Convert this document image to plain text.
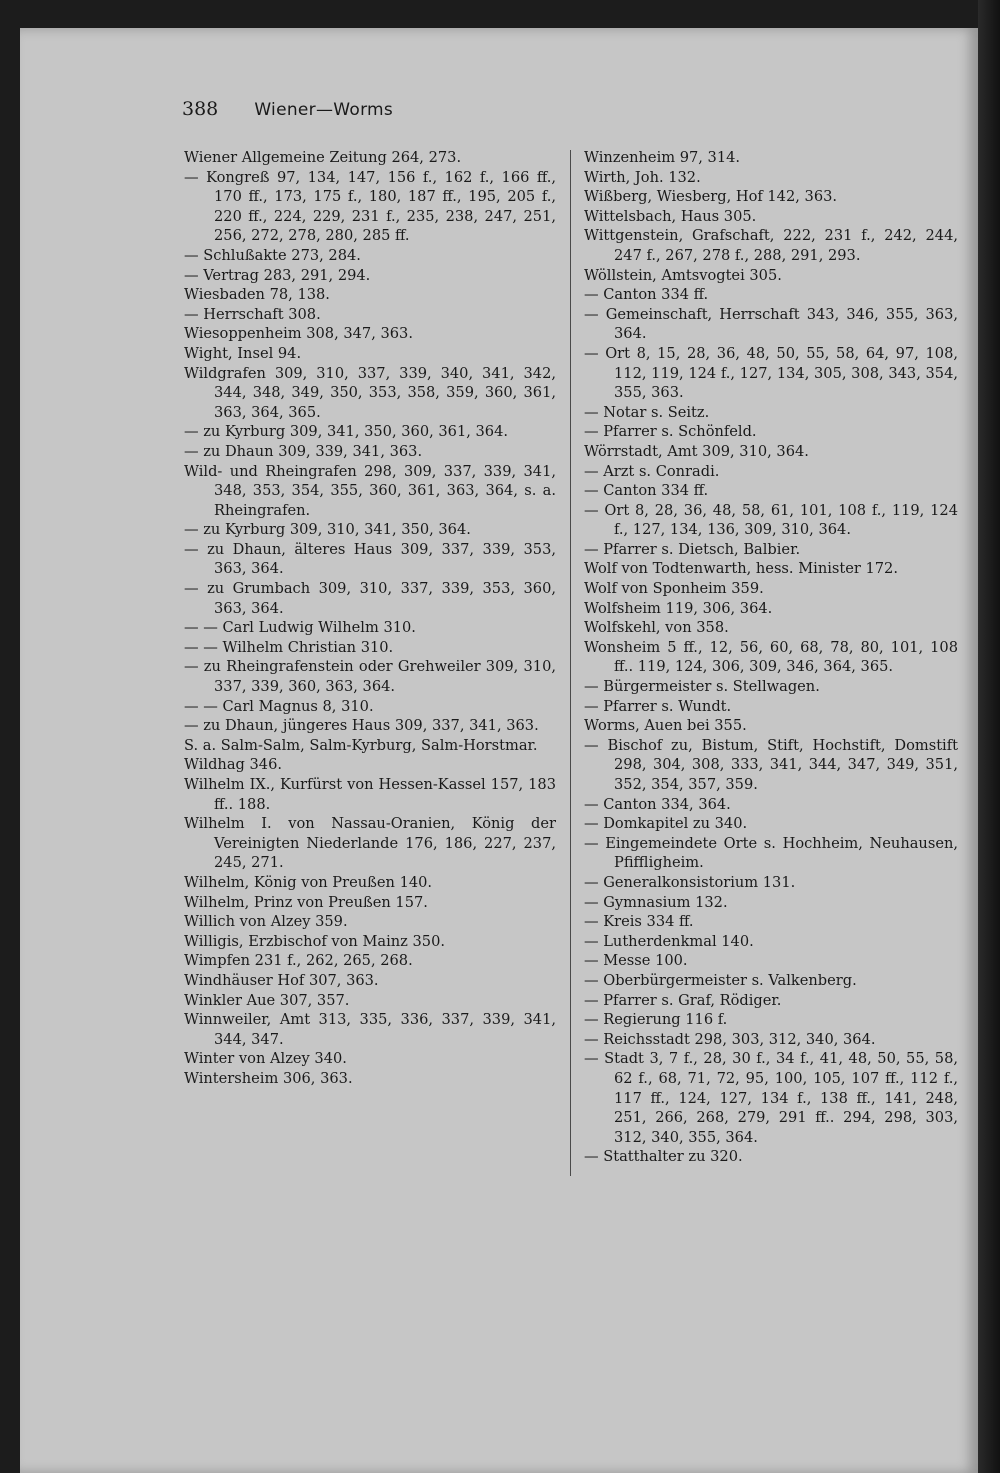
388 Wiener—Worms
Wiener Allgemeine Zeitung 264, 273.
— Kongreß 97, 134, 147, 156 f., 162 f., 166 ff., 170 ff., 173, 175 f., 180, 187 ff., 195, 205 f., 220 ff., 224, 229, 231 f., 235, 238, 247, 251, 256, 272, 278, 280, 285 ff.
— Schlußakte 273, 284.
— Vertrag 283, 291, 294.
Wiesbaden 78, 138.
— Herrschaft 308.
Wiesoppenheim 308, 347, 363.
Wight, Insel 94.
Wildgrafen 309, 310, 337, 339, 340, 341, 342, 344, 348, 349, 350, 353, 358, 359, 360, 361, 363, 364, 365.
— zu Kyrburg 309, 341, 350, 360, 361, 364.
— zu Dhaun 309, 339, 341, 363.
Wild- und Rheingrafen 298, 309, 337, 339, 341, 348, 353, 354, 355, 360, 361, 363, 364, s. a. Rheingrafen.
— zu Kyrburg 309, 310, 341, 350, 364.
— zu Dhaun, älteres Haus 309, 337, 339, 353, 363, 364.
— zu Grumbach 309, 310, 337, 339, 353, 360, 363, 364.
— — Carl Ludwig Wilhelm 310.
— — Wilhelm Christian 310.
— zu Rheingrafenstein oder Grehweiler 309, 310, 337, 339, 360, 363, 364.
— — Carl Magnus 8, 310.
— zu Dhaun, jüngeres Haus 309, 337, 341, 363.
S. a. Salm-Salm, Salm-Kyrburg, Salm-Horstmar.
Wildhag 346.
Wilhelm IX., Kurfürst von Hessen-Kassel 157, 183 ff.. 188.
Wilhelm I. von Nassau-Oranien, König der Vereinigten Niederlande 176, 186, 227, 237, 245, 271.
Wilhelm, König von Preußen 140.
Wilhelm, Prinz von Preußen 157.
Willich von Alzey 359.
Willigis, Erzbischof von Mainz 350.
Wimpfen 231 f., 262, 265, 268.
Windhäuser Hof 307, 363.
Winkler Aue 307, 357.
Winnweiler, Amt 313, 335, 336, 337, 339, 341, 344, 347.
Winter von Alzey 340.
Wintersheim 306, 363.
Winzenheim 97, 314.
Wirth, Joh. 132.
Wißberg, Wiesberg, Hof 142, 363.
Wittelsbach, Haus 305.
Wittgenstein, Grafschaft, 222, 231 f., 242, 244, 247 f., 267, 278 f., 288, 291, 293.
Wöllstein, Amtsvogtei 305.
— Canton 334 ff.
— Gemeinschaft, Herrschaft 343, 346, 355, 363, 364.
— Ort 8, 15, 28, 36, 48, 50, 55, 58, 64, 97, 108, 112, 119, 124 f., 127, 134, 305, 308, 343, 354, 355, 363.
— Notar s. Seitz.
— Pfarrer s. Schönfeld.
Wörrstadt, Amt 309, 310, 364.
— Arzt s. Conradi.
— Canton 334 ff.
— Ort 8, 28, 36, 48, 58, 61, 101, 108 f., 119, 124 f., 127, 134, 136, 309, 310, 364.
— Pfarrer s. Dietsch, Balbier.
Wolf von Todtenwarth, hess. Minister 172.
Wolf von Sponheim 359.
Wolfsheim 119, 306, 364.
Wolfskehl, von 358.
Wonsheim 5 ff., 12, 56, 60, 68, 78, 80, 101, 108 ff.. 119, 124, 306, 309, 346, 364, 365.
— Bürgermeister s. Stellwagen.
— Pfarrer s. Wundt.
Worms, Auen bei 355.
— Bischof zu, Bistum, Stift, Hochstift, Domstift 298, 304, 308, 333, 341, 344, 347, 349, 351, 352, 354, 357, 359.
— Canton 334, 364.
— Domkapitel zu 340.
— Eingemeindete Orte s. Hochheim, Neuhausen, Pfiffligheim.
— Generalkonsistorium 131.
— Gymnasium 132.
— Kreis 334 ff.
— Lutherdenkmal 140.
— Messe 100.
— Oberbürgermeister s. Valkenberg.
— Pfarrer s. Graf, Rödiger.
— Regierung 116 f.
— Reichsstadt 298, 303, 312, 340, 364.
— Stadt 3, 7 f., 28, 30 f., 34 f., 41, 48, 50, 55, 58, 62 f., 68, 71, 72, 95, 100, 105, 107 ff., 112 f., 117 ff., 124, 127, 134 f., 138 ff., 141, 248, 251, 266, 268, 279, 291 ff.. 294, 298, 303, 312, 340, 355, 364.
— Statthalter zu 320.
